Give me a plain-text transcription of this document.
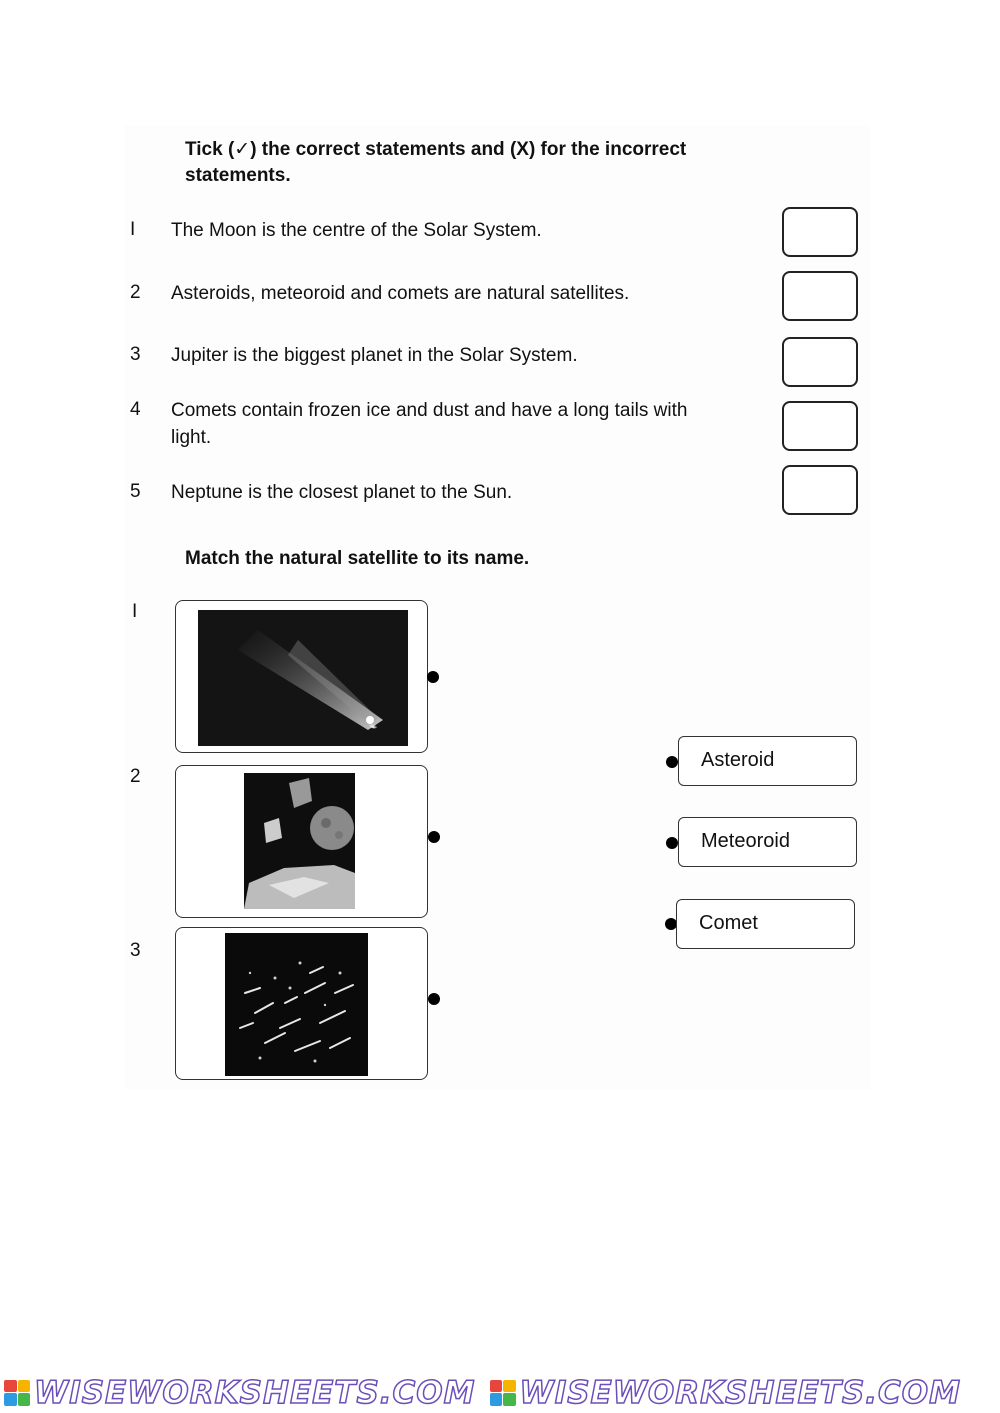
Tick (✓) the correct statements and (X) for the incorrect statements.
I	The Moon is the centre of the Solar System.
2	Asteroids, meteoroid and comets are natural satellites.
3	Jupiter is the biggest planet in the Solar System.
4	Comets contain frozen ice and dust and have a long tails with light.
5	Neptune is the closest planet to the Sun.
Match the natural satellite to its name.
I
2
3
Asteroid
Meteoroid
Comet
WISEWORKSHEETS.COM WISEWORKSHEETS.COM
